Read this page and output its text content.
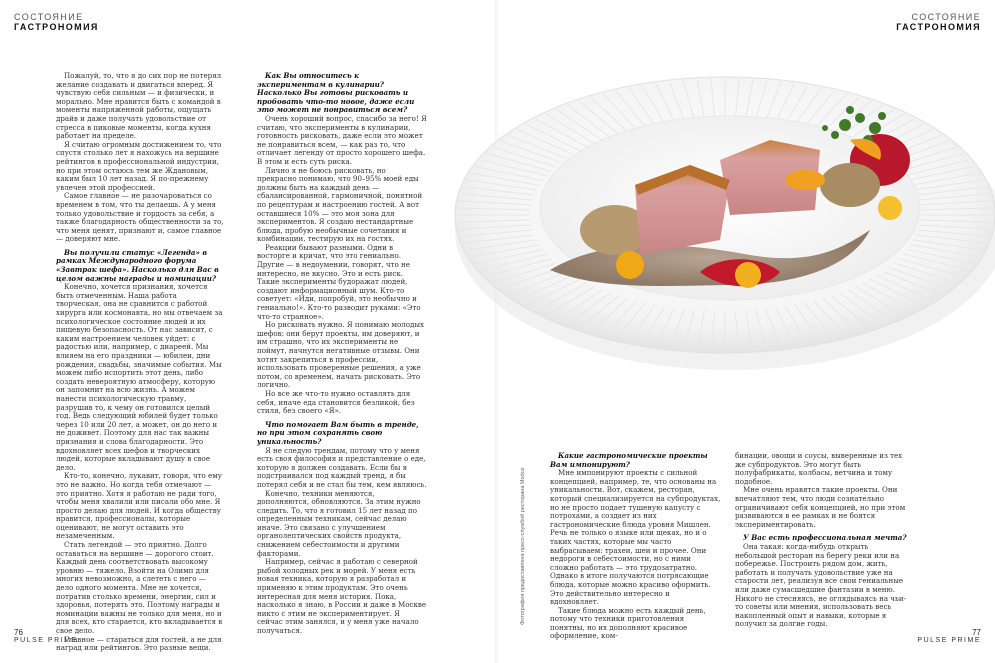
СОСТОЯНИЕ
ГАСТРОНОМИЯ

Пожалуй, то, что я до сих пор не потерял желание создавать и двигаться вперед. Я чувствую себя сильным — и физически, и морально. Мне нравится быть с командой в моменты напряженной работы, ощущать драйв и даже получать удовольствие от стресса в пиковые моменты, когда кухня работает на пределе.

Я считаю огромным достижением то, что спустя столько лет я нахожусь на вершине рейтингов в профессиональной индустрии, но при этом остаюсь тем же Ждановым, каким был 10 лет назад. Я по-прежнему увлечен этой профессией.

Самое главное — не разочароваться со временем в том, что ты делаешь. А у меня только удовольствие и гордость за себя, а также благодарность общественности за то, что меня ценят, признают и, самое главное — доверяют мне.

Вы получили статус «Легенда» в рамках Международного форума «Завтрак шефа». Насколько для Вас в целом важны награды и номинации?

Конечно, хочется признания, хочется быть отмеченным. Наша работа творческая, она не сравнится с работой хирурга или космонавта, но мы отвечаем за психологическое состояние людей и их пищевую безопасность. От нас зависит, с каким настроением человек уйдет: с радостью или, например, с диареей. Мы влияем на его праздники — юбилеи, дни рождения, свадьбы, значимые события. Мы можем либо испортить этот день, либо создать невероятную атмосферу, которую он запомнит на всю жизнь. А можем нанести психологическую травму, разрушив то, к чему он готовился целый год. Ведь следующий юбилей будет только через 10 или 20 лет, а может, он до него и не доживет. Поэтому для нас так важны признания и слова благодарности. Это вдохновляет всех шефов и творческих людей, которые вкладывают душу в свое дело.

Кто-то, конечно, лукавит, говоря, что ему это не важно. Но когда тебя отмечают — это приятно. Хотя я работаю не ради того, чтобы меня хвалили или писали обо мне. Я просто делаю для людей. И когда обществу нравится, профессионалы, которые оценивают, не могут оставить это незамеченным.

Стать легендой — это приятно. Долго оставаться на вершине — дорогого стоит. Каждый день соответствовать высокому уровню — тяжело. Взойти на Олимп для многих невозможно, а слететь с него — дело одного момента. Мне не хочется, потратив столько времени, энергии, сил и здоровья, потерять это. Поэтому награды и номинации важны не только для меня, но и для всех, кто старается, кто вкладывается в свое дело.

Главное — стараться для гостей, а не для наград или рейтингов. Это разные вещи.

Как Вы относитесь к экспериментам в кулинарии? Насколько Вы готовы рисковать и пробовать что-то новое, даже если это может не понравиться всем?

Очень хороший вопрос, спасибо за него! Я считаю, что эксперименты в кулинарии, готовность рисковать, даже если это может не понравиться всем, — как раз то, что отличает легенду от просто хорошего шефа. В этом и есть суть риска.

Лично я не боюсь рисковать, но прекрасно понимаю, что 90–95% моей еды должны быть на каждый день — сбалансированной, гармоничной, понятной по рецептурам и настроению гостей. А вот оставшиеся 10% — это моя зона для экспериментов. Я создаю нестандартные блюда, пробую необычные сочетания и комбинации, тестирую их на гостях.

Реакции бывают разными. Одни в восторге и кричат, что это гениально. Другие — в недоумении, говорят, что не интересно, не вкусно. Это и есть риск. Такие эксперименты будоражат людей, создают информационный шум. Кто-то советует: «Иди, попробуй, это необычно и гениально!». Кто-то разводит руками: «Это что-то странное».

Но рисковать нужно. Я понимаю молодых шефов: они берут проекты, им доверяют, и им страшно, что их эксперименты не поймут, начнутся негативные отзывы. Они хотят закрепиться в профессии, использовать проверенные решения, а уже потом, со временем, начать рисковать. Это логично.

Но все же что-то нужно оставлять для себя, иначе еда становится безликой, без стиля, без своего «Я».

Что помогает Вам быть в тренде, но при этом сохранять свою уникальность?

Я не следую трендам, потому что у меня есть своя философия и представление о еде, которую я должен создавать. Если бы я подстраивался под каждый тренд, я бы потерял себя и не стал бы тем, кем являюсь.

Конечно, техники меняются, дополняются, обновляются. За этим нужно следить. То, что я готовил 15 лет назад по определенным техникам, сейчас делаю иначе. Это связано с улучшением органолептических свойств продукта, снижением себестоимости и другими факторами.

Например, сейчас я работаю с северной рыбой холодных рек и морей. У меня есть новая техника, которую я разработал и применяю к этим продуктам. Это очень интересная для меня история. Пока, насколько я знаю, в России и даже в Москве никто с этим не экспериментирует. Я сейчас этим занялся, и у меня уже начало получаться.

76
PULSE PRIME
СОСТОЯНИЕ
ГАСТРОНОМИЯ
77
PULSE PRIME

Какие гастрономические проекты Вам импонируют?

Мне импонируют проекты с сильной концепцией, например, те, что основаны на уникальности. Вот, скажем, ресторан, который специализируется на субпродуктах, но не просто подает тушеную капусту с потрохами, а создает из них гастрономические блюда уровня Мишлен. Речь не только о языке или щеках, но и о таких частях, которые мы часто выбрасываем: трахеи, шеи и прочее. Они недороги в себестоимости, но с ними сложно работать — это трудозатратно. Однако в итоге получаются потрясающие блюда, которые можно красиво оформить. Это действительно интересно и вдохновляет.

Такие блюда можно есть каждый день, потому что техники приготовления понятны, но их дополняют красивое оформление, ком-

бинации, овощи и соусы, выверенные из тех же субпродуктов. Это могут быть полуфабрикаты, колбасы, ветчина и тому подобное.

Мне очень нравятся такие проекты. Они впечатляют тем, что люди сознательно ограничивают себя концепцией, но при этом развиваются в ее рамках и не боятся экспериментировать.

У Вас есть профессиональная мечта?

Она такая: когда-нибудь открыть небольшой ресторан на берегу реки или на побережье. Построить рядом дом, жить, работать и получать удовольствие уже на старости лет, реализуя все свои гениальные или даже сумасшедшие фантазии в меню. Никого не стесняясь, не оглядываясь на чьи-то советы или мнения, использовать весь накопленный опыт и навыки, которые я получил за долгие годы.

Фотография предоставлена пресс-службой ресторана Modus
